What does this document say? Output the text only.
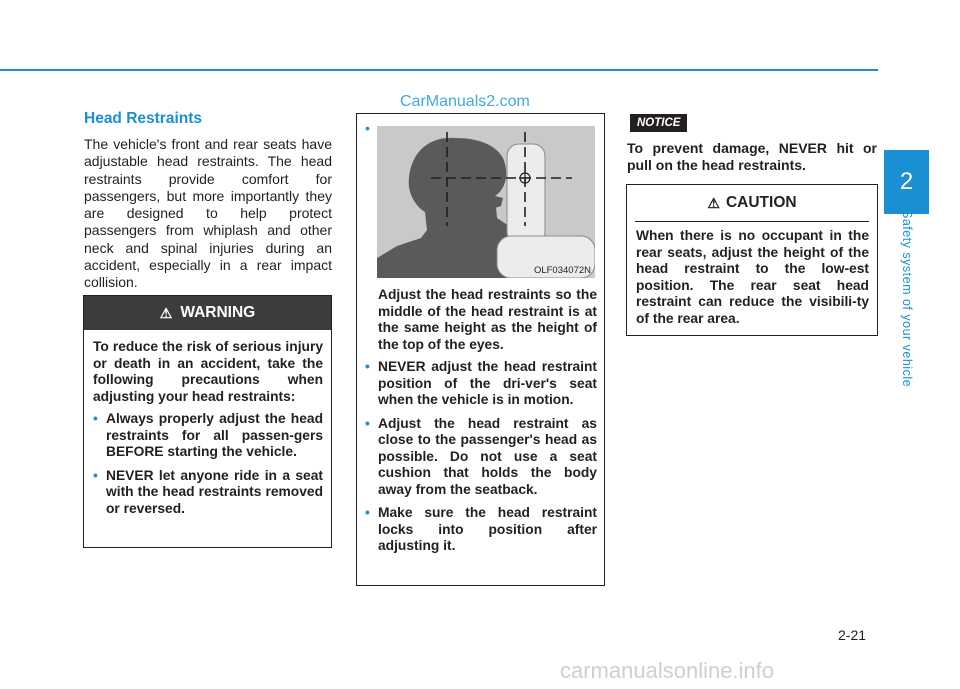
CarManuals2.com
2
Safety system of your vehicle
Head Restraints
The vehicle's front and rear seats have adjustable head restraints. The head restraints provide comfort for passengers, but more importantly they are designed to help protect passengers from whiplash and other neck and spinal injuries during an accident, especially in a rear impact collision.
⚠ WARNING
To reduce the risk of serious injury or death in an accident, take the following precautions when adjusting your head restraints:
• Always properly adjust the head restraints for all passen-gers BEFORE starting the vehicle.
• NEVER let anyone ride in a seat with the head restraints removed or reversed.
•
OLF034072N
Adjust the head restraints so the middle of the head restraint is at the same height as the height of the top of the eyes.
• NEVER adjust the head restraint position of the dri-ver's seat when the vehicle is in motion.
• Adjust the head restraint as close to the passenger's head as possible. Do not use a seat cushion that holds the body away from the seatback.
• Make sure the head restraint locks into position after adjusting it.
NOTICE
To prevent damage, NEVER hit or pull on the head restraints.
⚠ CAUTION
When there is no occupant in the rear seats, adjust the height of the head restraint to the low-est position. The rear seat head restraint can reduce the visibili-ty of the rear area.
2-21
carmanualsonline.info
